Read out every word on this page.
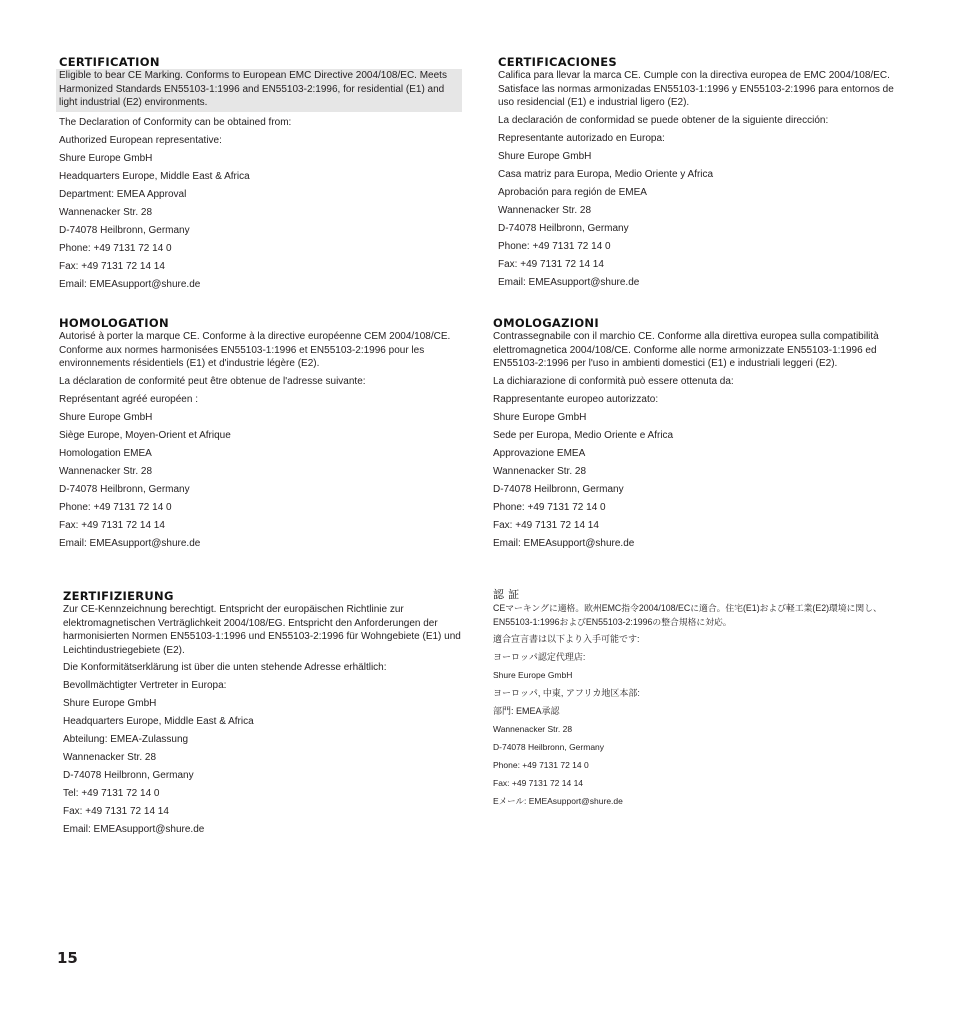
CERTIFICATION

Eligible to bear CE Marking. Conforms to European EMC Directive 2004/108/EC. Meets Harmonized Standards EN55103-1:1996 and EN55103-2:1996, for residential (E1) and light industrial (E2) environments.

The Declaration of Conformity can be obtained from:

Authorized European representative:

Shure Europe GmbH

Headquarters Europe, Middle East & Africa

Department: EMEA Approval

Wannenacker Str. 28

D-74078 Heilbronn, Germany

Phone: +49 7131 72 14 0

Fax: +49 7131 72 14 14

Email: EMEAsupport@shure.de

CERTIFICACIONES

Califica para llevar la marca CE. Cumple con la directiva europea de EMC 2004/108/EC. Satisface las normas armonizadas EN55103-1:1996 y EN55103-2:1996 para entornos de uso residencial (E1) e industrial ligero (E2).

La declaración de conformidad se puede obtener de la siguiente dirección:

Representante autorizado en Europa:

Shure Europe GmbH

Casa matriz para Europa, Medio Oriente y Africa

Aprobación para región de EMEA

Wannenacker Str. 28

D-74078 Heilbronn, Germany

Phone: +49 7131 72 14 0

Fax: +49 7131 72 14 14

Email: EMEAsupport@shure.de

HOMOLOGATION

Autorisé à porter la marque CE. Conforme à la directive européenne CEM 2004/108/CE. Conforme aux normes harmonisées EN55103-1:1996 et EN55103-2:1996 pour les environnements résidentiels (E1) et d'industrie légère (E2).

La déclaration de conformité peut être obtenue de l'adresse suivante:

Représentant agréé européen :

Shure Europe GmbH

Siège Europe, Moyen-Orient et Afrique

Homologation EMEA

Wannenacker Str. 28

D-74078 Heilbronn, Germany

Phone: +49 7131 72 14 0

Fax: +49 7131 72 14 14

Email: EMEAsupport@shure.de

OMOLOGAZIONI

Contrassegnabile con il marchio CE. Conforme alla direttiva europea sulla compatibilità elettromagnetica 2004/108/CE. Conforme alle norme armonizzate EN55103-1:1996 ed EN55103-2:1996 per l'uso in ambienti domestici (E1) e industriali leggeri (E2).

La dichiarazione di conformità può essere ottenuta da:

Rappresentante europeo autorizzato:

Shure Europe GmbH

Sede per Europa, Medio Oriente e Africa

Approvazione EMEA

Wannenacker Str. 28

D-74078 Heilbronn, Germany

Phone: +49 7131 72 14 0

Fax: +49 7131 72 14 14

Email: EMEAsupport@shure.de

ZERTIFIZIERUNG

Zur CE-Kennzeichnung berechtigt. Entspricht der europäischen Richtlinie zur elektromagnetischen Verträglichkeit 2004/108/EG. Entspricht den Anforderungen der harmonisierten Normen EN55103-1:1996 und EN55103-2:1996 für Wohngebiete (E1) und Leichtindustriegebiete (E2).

Die Konformitätserklärung ist über die unten stehende Adresse erhältlich:

Bevollmächtigter Vertreter in Europa:

Shure Europe GmbH

Headquarters Europe, Middle East & Africa

Abteilung: EMEA-Zulassung

Wannenacker Str. 28

D-74078 Heilbronn, Germany

Tel: +49 7131 72 14 0

Fax: +49 7131 72 14 14

Email: EMEAsupport@shure.de

認 証

CEマーキングに適格。欧州EMC指令2004/108/ECに適合。住宅(E1)および軽工業(E2)環境に関し、EN55103-1:1996およびEN55103-2:1996の整合規格に対応。

適合宣言書は以下より入手可能です:

ヨーロッパ認定代理店:

Shure Europe GmbH

ヨーロッパ, 中東, アフリカ地区本部:

部門: EMEA承認

Wannenacker Str. 28

D-74078 Heilbronn, Germany

Phone: +49 7131 72 14 0

Fax: +49 7131 72 14 14

Eメール: EMEAsupport@shure.de

15
